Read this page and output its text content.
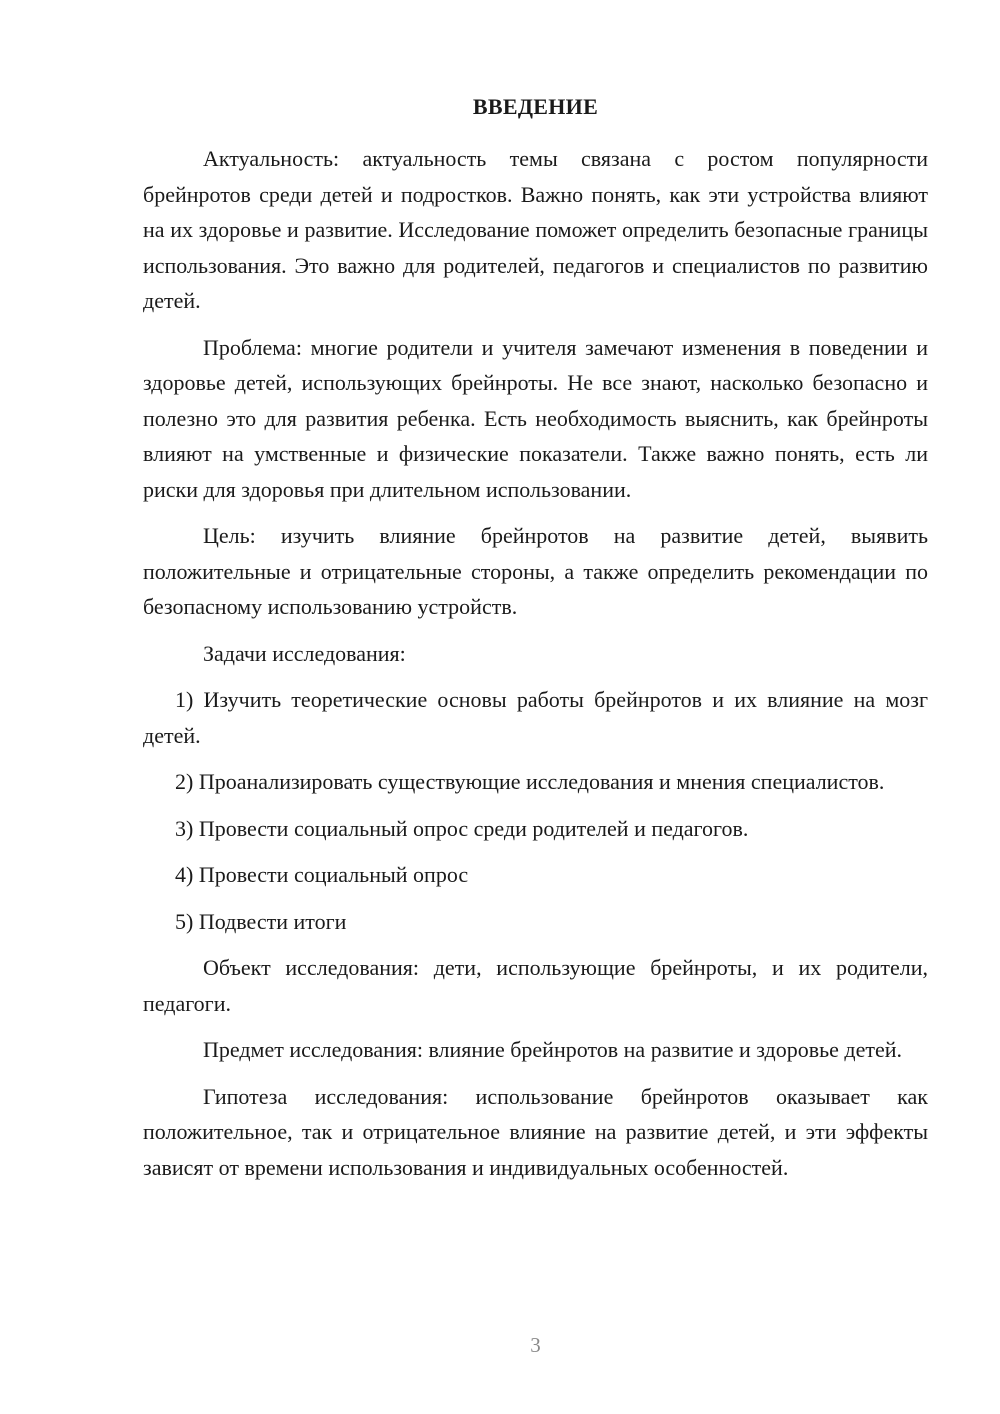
ВВЕДЕНИЕ

Актуальность: актуальность темы связана с ростом популярности брейнротов среди детей и подростков. Важно понять, как эти устройства влияют на их здоровье и развитие. Исследование поможет определить безопасные границы использования. Это важно для родителей, педагогов и специалистов по развитию детей.

Проблема: многие родители и учителя замечают изменения в поведении и здоровье детей, использующих брейнроты. Не все знают, насколько безопасно и полезно это для развития ребенка. Есть необходимость выяснить, как брейнроты влияют на умственные и физические показатели. Также важно понять, есть ли риски для здоровья при длительном использовании.

Цель: изучить влияние брейнротов на развитие детей, выявить положительные и отрицательные стороны, а также определить рекомендации по безопасному использованию устройств.

Задачи исследования:

1) Изучить теоретические основы работы брейнротов и их влияние на мозг детей.

2) Проанализировать существующие исследования и мнения специалистов.

3) Провести социальный опрос среди родителей и педагогов.

4) Провести социальный опрос

5) Подвести итоги

Объект исследования: дети, использующие брейнроты, и их родители, педагоги.

Предмет исследования: влияние брейнротов на развитие и здоровье детей.

Гипотеза исследования: использование брейнротов оказывает как положительное, так и отрицательное влияние на развитие детей, и эти эффекты зависят от времени использования и индивидуальных особенностей.

3
